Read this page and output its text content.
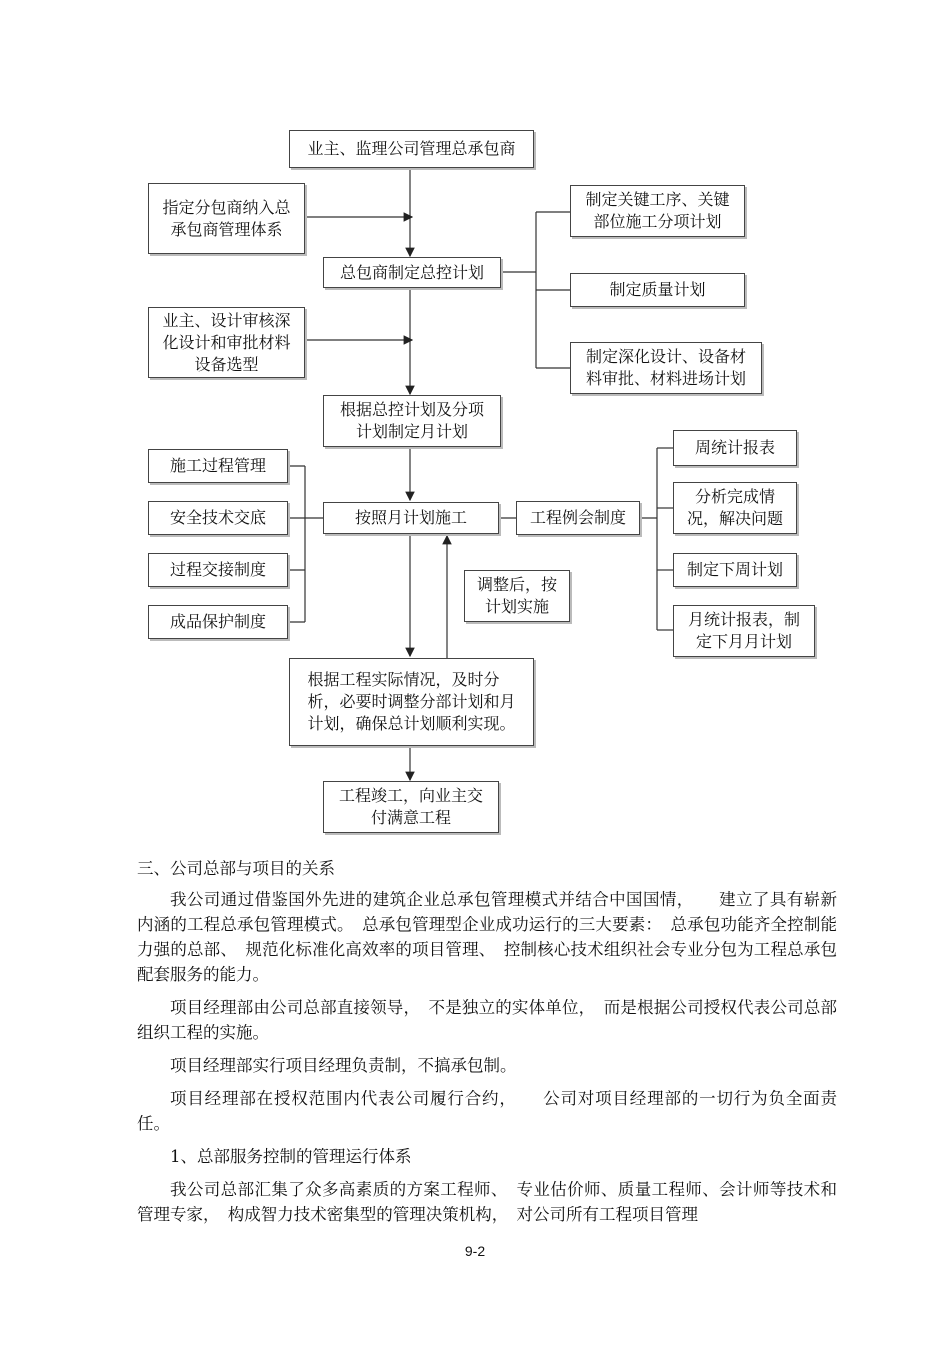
业主、监理公司管理总承包商
指定分包商纳入总
承包商管理体系
总包商制定总控计划
制定关键工序、关键
部位施工分项计划
制定质量计划
业主、设计审核深
化设计和审批材料
设备选型	制定深化设计、设备材
料审批、材料进场计划
根据总控计划及分项
计划制定月计划
施工过程管理
安全技术交底
过程交接制度
成品保护制度
按照月计划施工	工程例会制度
周统计报表
分析完成情
况，解决问题
制定下周计划
月统计报表，制
定下月月计划
调整后，按
计划实施
根据工程实际情况，及时分
析，必要时调整分部计划和月
计划，确保总计划顺利实现。
工程竣工，向业主交
付满意工程
三、公司总部与项目的关系

我公司通过借鉴国外先进的建筑企业总承包管理模式并结合中国国情，　　建立了具有崭新内涵的工程总承包管理模式。　总承包管理型企业成功运行的三大要素：　总承包功能齐全控制能力强的总部、　规范化标准化高效率的项目管理、　控制核心技术组织社会专业分包为工程总承包配套服务的能力。

项目经理部由公司总部直接领导，　不是独立的实体单位，　而是根据公司授权代表公司总部组织工程的实施。

项目经理部实行项目经理负责制，不搞承包制。

项目经理部在授权范围内代表公司履行合约，　　公司对项目经理部的一切行为负全面责任。

1、总部服务控制的管理运行体系

我公司总部汇集了众多高素质的方案工程师、　专业估价师、质量工程师、会计师等技术和管理专家，　构成智力技术密集型的管理决策机构，　对公司所有工程项目管理

9-2
